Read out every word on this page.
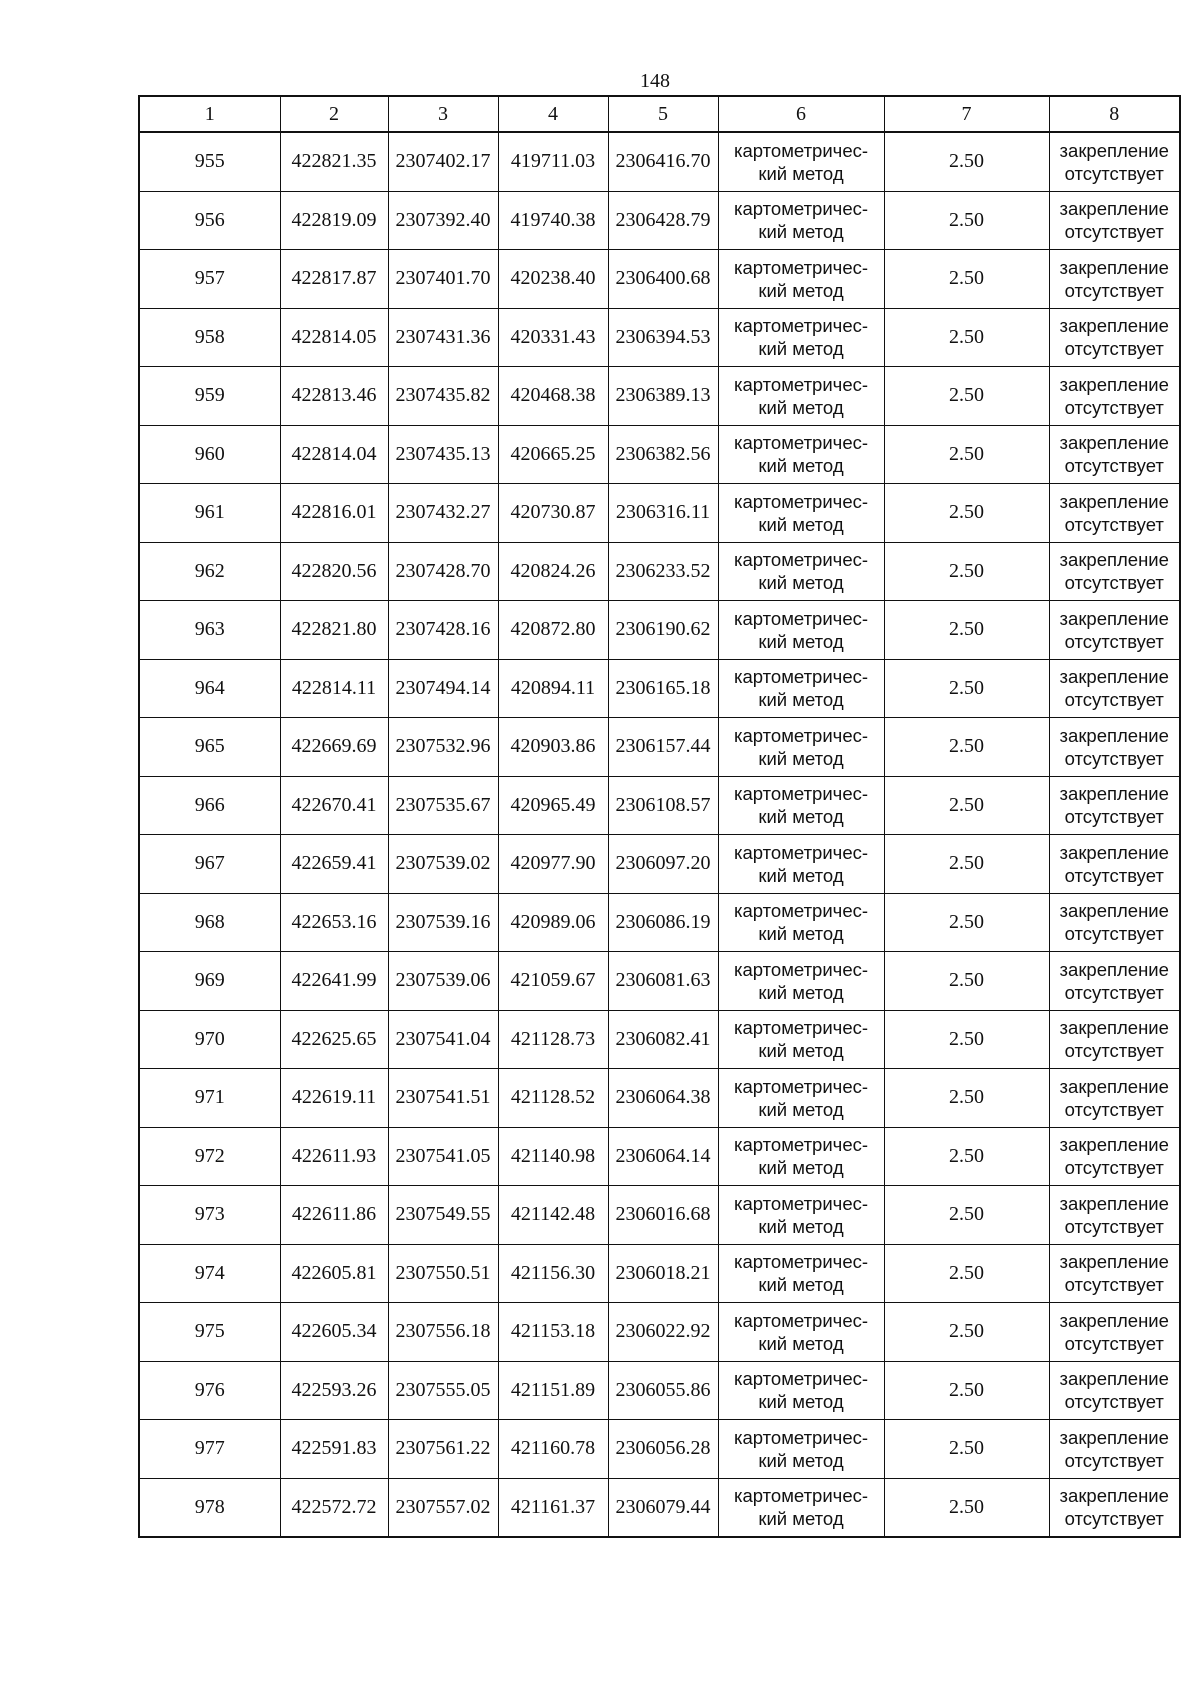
148
1	2	3	4	5	6	7	8
955	422821.35	2307402.17	419711.03	2306416.70	картометричес-
кий метод	2.50	закрепление
отсутствует

956	422819.09	2307392.40	419740.38	2306428.79	картометричес-
кий метод	2.50	закрепление
отсутствует

957	422817.87	2307401.70	420238.40	2306400.68	картометричес-
кий метод	2.50	закрепление
отсутствует

958	422814.05	2307431.36	420331.43	2306394.53	картометричес-
кий метод	2.50	закрепление
отсутствует

959	422813.46	2307435.82	420468.38	2306389.13	картометричес-
кий метод	2.50	закрепление
отсутствует

960	422814.04	2307435.13	420665.25	2306382.56	картометричес-
кий метод	2.50	закрепление
отсутствует

961	422816.01	2307432.27	420730.87	2306316.11	картометричес-
кий метод	2.50	закрепление
отсутствует

962	422820.56	2307428.70	420824.26	2306233.52	картометричес-
кий метод	2.50	закрепление
отсутствует

963	422821.80	2307428.16	420872.80	2306190.62	картометричес-
кий метод	2.50	закрепление
отсутствует

964	422814.11	2307494.14	420894.11	2306165.18	картометричес-
кий метод	2.50	закрепление
отсутствует

965	422669.69	2307532.96	420903.86	2306157.44	картометричес-
кий метод	2.50	закрепление
отсутствует

966	422670.41	2307535.67	420965.49	2306108.57	картометричес-
кий метод	2.50	закрепление
отсутствует

967	422659.41	2307539.02	420977.90	2306097.20	картометричес-
кий метод	2.50	закрепление
отсутствует

968	422653.16	2307539.16	420989.06	2306086.19	картометричес-
кий метод	2.50	закрепление
отсутствует

969	422641.99	2307539.06	421059.67	2306081.63	картометричес-
кий метод	2.50	закрепление
отсутствует

970	422625.65	2307541.04	421128.73	2306082.41	картометричес-
кий метод	2.50	закрепление
отсутствует

971	422619.11	2307541.51	421128.52	2306064.38	картометричес-
кий метод	2.50	закрепление
отсутствует

972	422611.93	2307541.05	421140.98	2306064.14	картометричес-
кий метод	2.50	закрепление
отсутствует

973	422611.86	2307549.55	421142.48	2306016.68	картометричес-
кий метод	2.50	закрепление
отсутствует

974	422605.81	2307550.51	421156.30	2306018.21	картометричес-
кий метод	2.50	закрепление
отсутствует

975	422605.34	2307556.18	421153.18	2306022.92	картометричес-
кий метод	2.50	закрепление
отсутствует

976	422593.26	2307555.05	421151.89	2306055.86	картометричес-
кий метод	2.50	закрепление
отсутствует

977	422591.83	2307561.22	421160.78	2306056.28	картометричес-
кий метод	2.50	закрепление
отсутствует

978	422572.72	2307557.02	421161.37	2306079.44	картометричес-
кий метод	2.50	закрепление
отсутствует
